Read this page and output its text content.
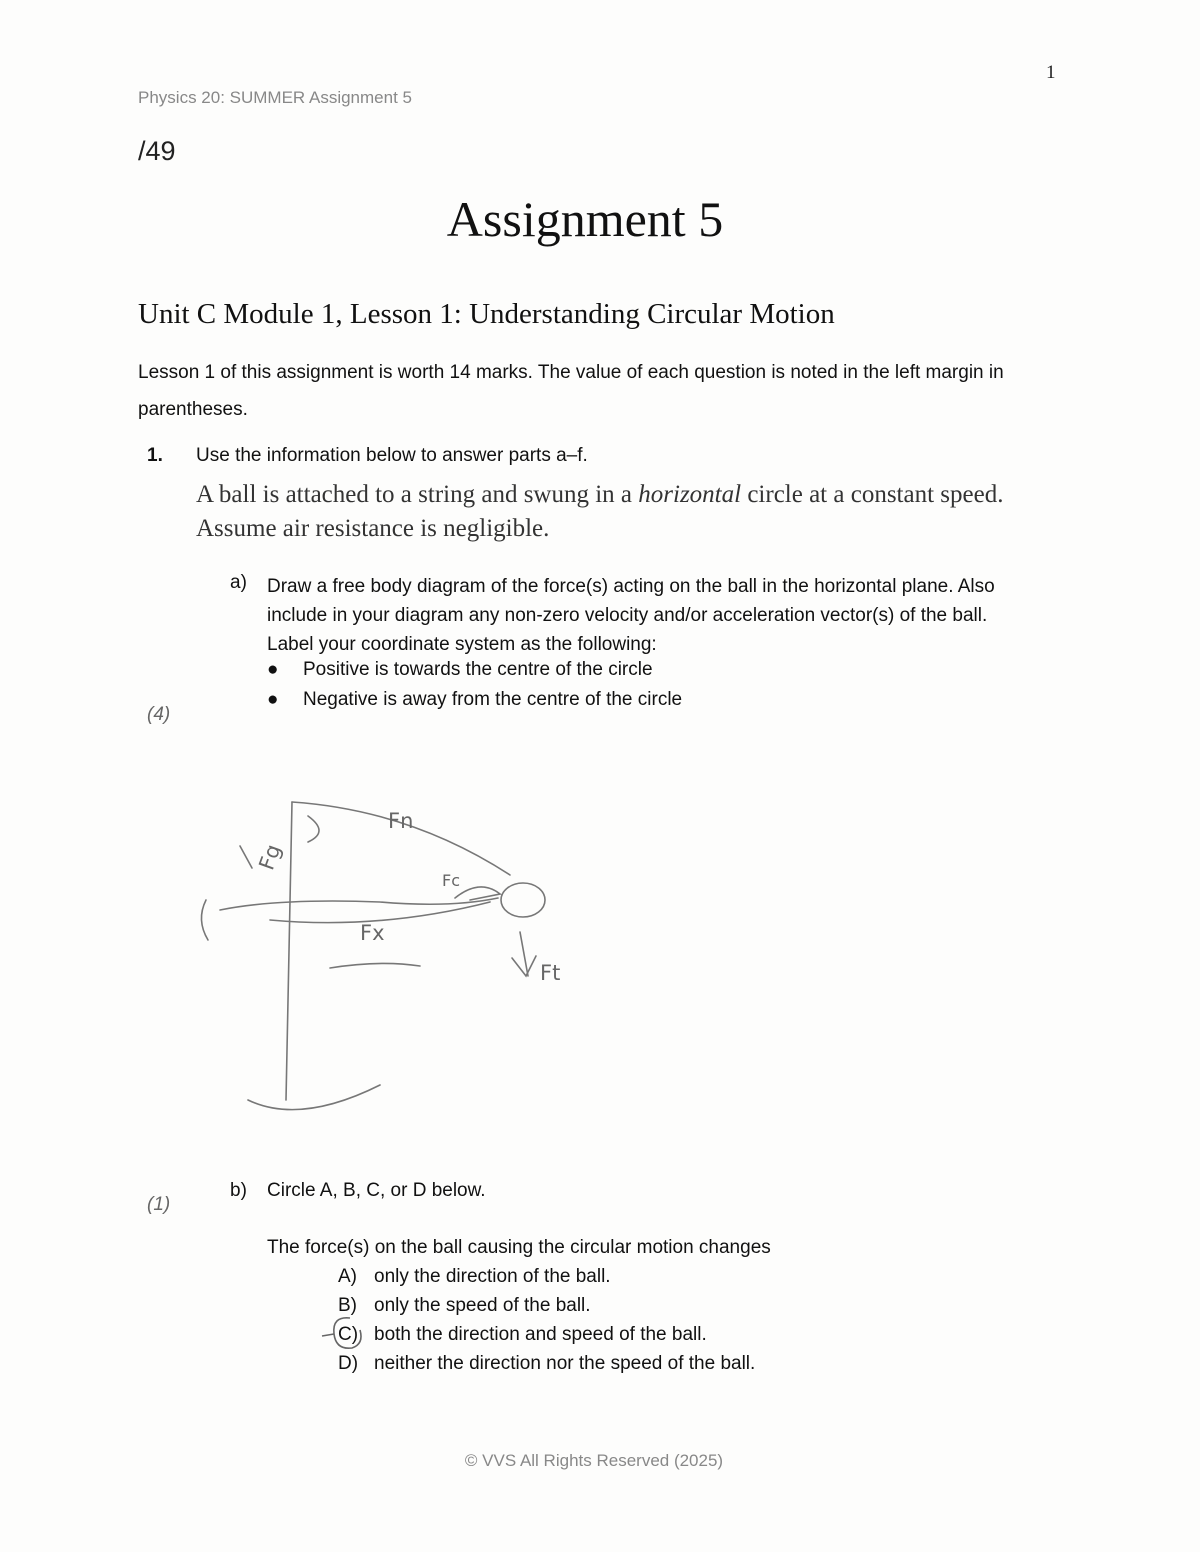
1
Physics 20: SUMMER Assignment 5
/49
Assignment 5
Unit C Module 1, Lesson 1: Understanding Circular Motion
Lesson 1 of this assignment is worth 14 marks. The value of each question is noted in the left margin in parentheses.
1. Use the information below to answer parts a–f.
A ball is attached to a string and swung in a horizontal circle at a constant speed. Assume air resistance is negligible.
a) Draw a free body diagram of the force(s) acting on the ball in the horizontal plane. Also include in your diagram any non-zero velocity and/or acceleration vector(s) of the ball. Label your coordinate system as the following:
● Positive is towards the centre of the circle
● Negative is away from the centre of the circle
(4)
Fn
Fg
Fc
Fx
Ft
(1)
b) Circle A, B, C, or D below.
The force(s) on the ball causing the circular motion changes
A) only the direction of the ball.
B) only the speed of the ball.
C) both the direction and speed of the ball.
D) neither the direction nor the speed of the ball.
© VVS All Rights Reserved (2025)
